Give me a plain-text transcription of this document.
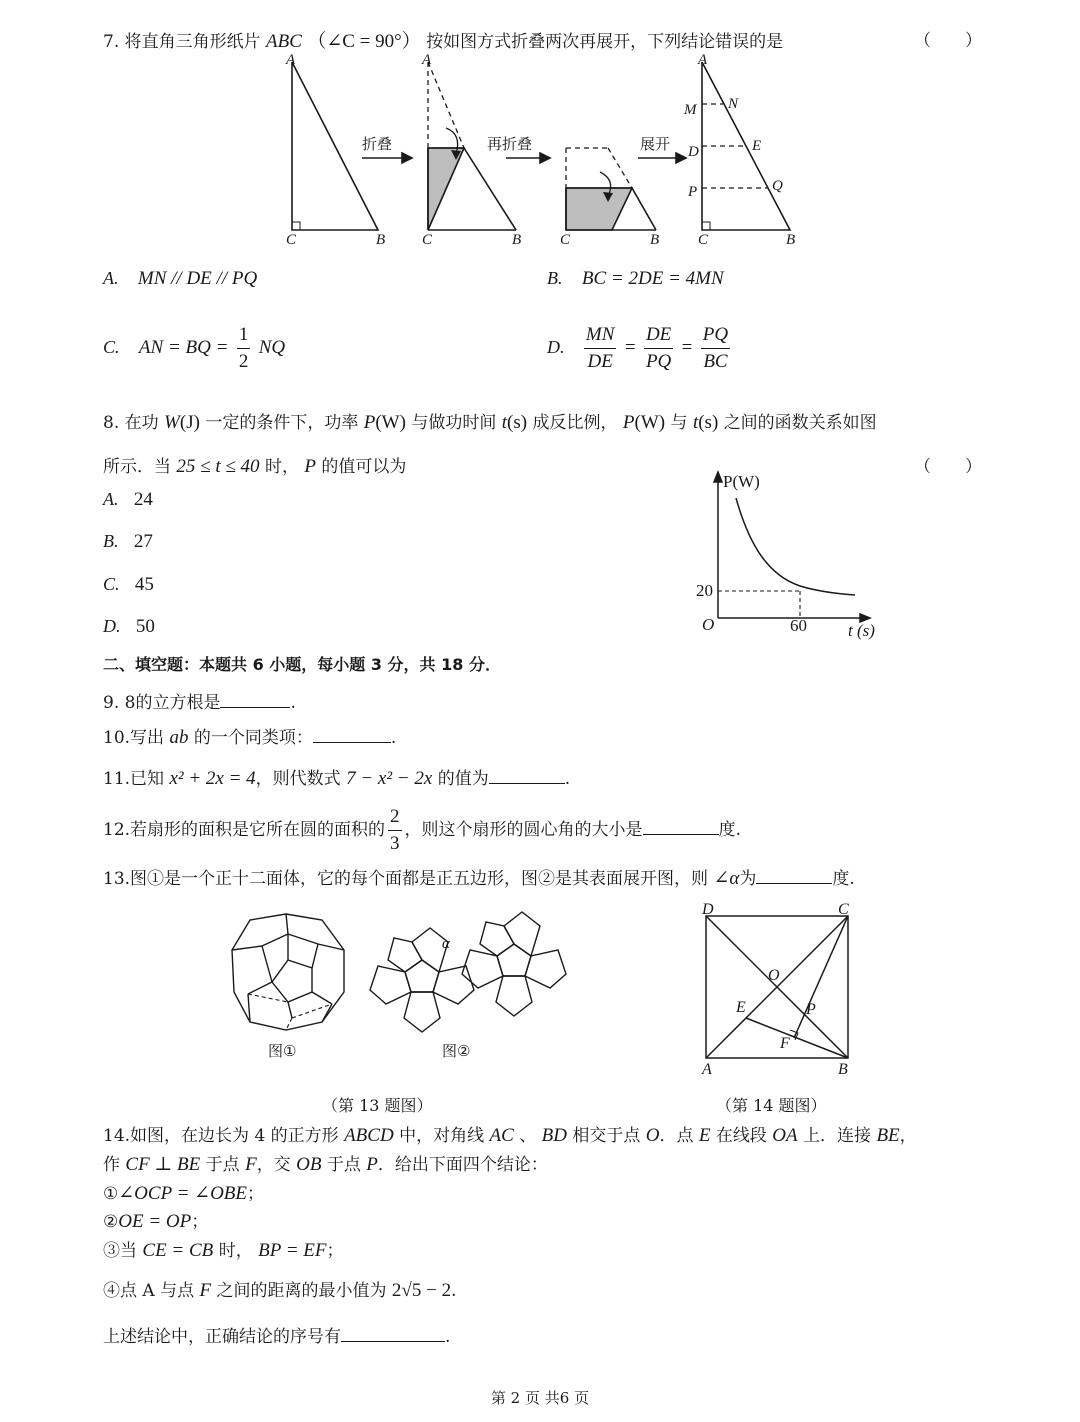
7. 将直角三角形纸片 ABC （∠C = 90°） 按如图方式折叠两次再展开，下列结论错误的是	（　　）
A
C	B
A
C	B	C	B
A
C	B
M N
D	E
P	Q
折叠	再折叠	展开
A. MN // DE // PQ	B. BC = 2DE = 4MN
C. AN = BQ = $\frac{1}{2}$ NQ	D. $\frac{MN}{DE} = \frac{DE}{PQ} = \frac{PQ}{BC}$
8. 在功 W(J) 一定的条件下，功率 P(W) 与做功时间 t(s) 成反比例， P(W) 与 t(s) 之间的函数关系如图
所示．当 25 ≤ t ≤ 40 时， P 的值可以为	（　　）
A. 24
B. 27
C. 45
D. 50
P(W)
t (s)
O
20
60
二、填空题：本题共 6 小题，每小题 3 分，共 18 分．
9. 8的立方根是	.
10.写出 ab 的一个同类项：	.
11.已知 x² + 2x = 4，则代数式 7 − x² − 2x 的值为	.
12.若扇形的面积是它所在圆的面积的 $\frac{2}{3}$ ，则这个扇形的圆心角的大小是	度.
13.图①是一个正十二面体，它的每个面都是正五边形，图②是其表面展开图，则 ∠α为	度.
α
图①	图②
（第 13 题图）
A	B
C
D
O
E
F
P
（第 14 题图）
14.如图，在边长为 4 的正方形 ABCD 中，对角线 AC 、 BD 相交于点 O．点 E 在线段 OA 上．连接 BE，
作 CF ⊥ BE 于点 F，交 OB 于点 P．给出下面四个结论：
①∠OCP = ∠OBE；
②OE = OP；
③当 CE = CB 时， BP = EF；
④点 A 与点 F 之间的距离的最小值为 2√5 − 2.
上述结论中，正确结论的序号有	.
第 2 页 共6 页
